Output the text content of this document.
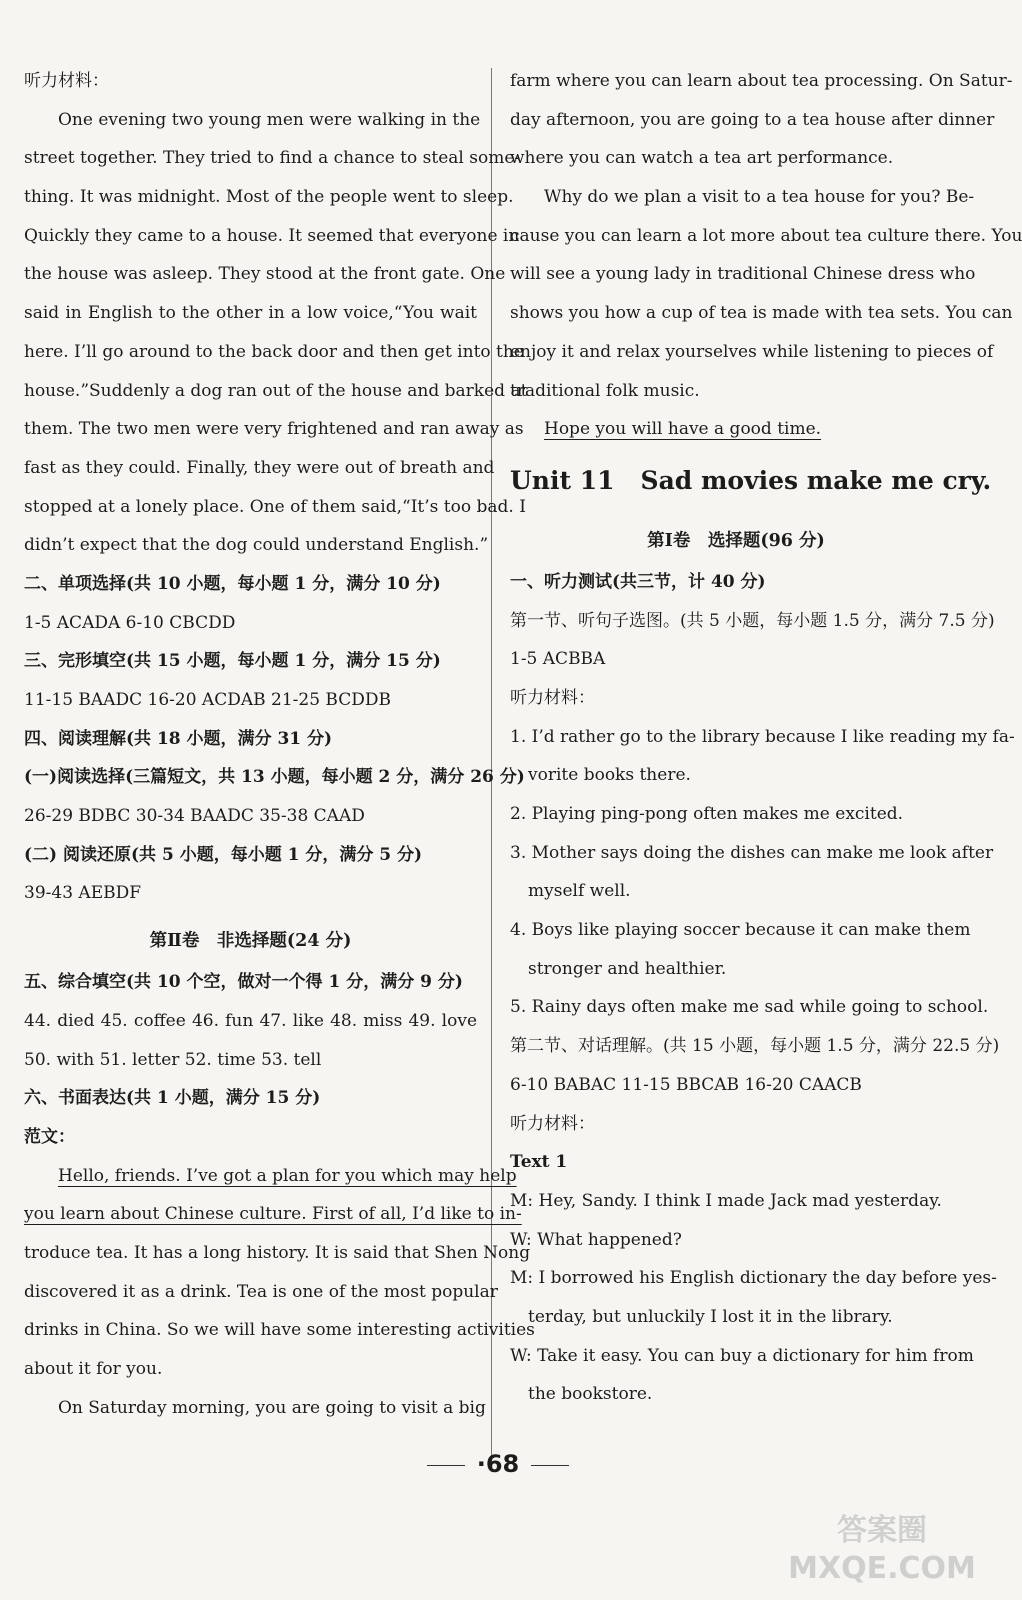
听力材料：
One evening two young men were walking in the
street together. They tried to find a chance to steal some-
thing. It was midnight. Most of the people went to sleep.
Quickly they came to a house. It seemed that everyone in
the house was asleep. They stood at the front gate. One
said in English to the other in a low voice,“You wait
here. I’ll go around to the back door and then get into the
house.”Suddenly a dog ran out of the house and barked at
them. The two men were very frightened and ran away as
fast as they could. Finally, they were out of breath and
stopped at a lonely place. One of them said,“It’s too bad. I
didn’t expect that the dog could understand English.”
二、单项选择(共 10 小题，每小题 1 分，满分 10 分)
1-5 ACADA 6-10 CBCDD
三、完形填空(共 15 小题，每小题 1 分，满分 15 分)
11-15 BAADC 16-20 ACDAB 21-25 BCDDB
四、阅读理解(共 18 小题，满分 31 分)
(一)阅读选择(三篇短文，共 13 小题，每小题 2 分，满分 26 分)
26-29 BDBC 30-34 BAADC 35-38 CAAD
(二) 阅读还原(共 5 小题，每小题 1 分，满分 5 分)
39-43 AEBDF
第Ⅱ卷　非选择题(24 分)
五、综合填空(共 10 个空，做对一个得 1 分，满分 9 分)
44. died 45. coffee 46. fun 47. like 48. miss 49. love
50. with 51. letter 52. time 53. tell
六、书面表达(共 1 小题，满分 15 分)
范文：
Hello, friends. I’ve got a plan for you which may help
you learn about Chinese culture. First of all, I’d like to in-
troduce tea. It has a long history. It is said that Shen Nong
discovered it as a drink. Tea is one of the most popular
drinks in China. So we will have some interesting activities
about it for you.
On Saturday morning, you are going to visit a big
farm where you can learn about tea processing. On Satur-
day afternoon, you are going to a tea house after dinner
where you can watch a tea art performance.
Why do we plan a visit to a tea house for you? Be-
cause you can learn a lot more about tea culture there. You
will see a young lady in traditional Chinese dress who
shows you how a cup of tea is made with tea sets. You can
enjoy it and relax yourselves while listening to pieces of
traditional folk music.
Hope you will have a good time.
Unit 11 Sad movies make me cry.
第Ⅰ卷　选择题(96 分)
一、听力测试(共三节，计 40 分)
第一节、听句子选图。(共 5 小题，每小题 1.5 分，满分 7.5 分)
1-5 ACBBA
听力材料：
1. I’d rather go to the library because I like reading my fa-
vorite books there.
2. Playing ping-pong often makes me excited.
3. Mother says doing the dishes can make me look after
myself well.
4. Boys like playing soccer because it can make them
stronger and healthier.
5. Rainy days often make me sad while going to school.
第二节、对话理解。(共 15 小题，每小题 1.5 分，满分 22.5 分)
6-10 BABAC 11-15 BBCAB 16-20 CAACB
听力材料：
Text 1
M: Hey, Sandy. I think I made Jack mad yesterday.
W: What happened?
M: I borrowed his English dictionary the day before yes-
terday, but unluckily I lost it in the library.
W: Take it easy. You can buy a dictionary for him from
the bookstore.
·68
答案圈
MXQE.COM
